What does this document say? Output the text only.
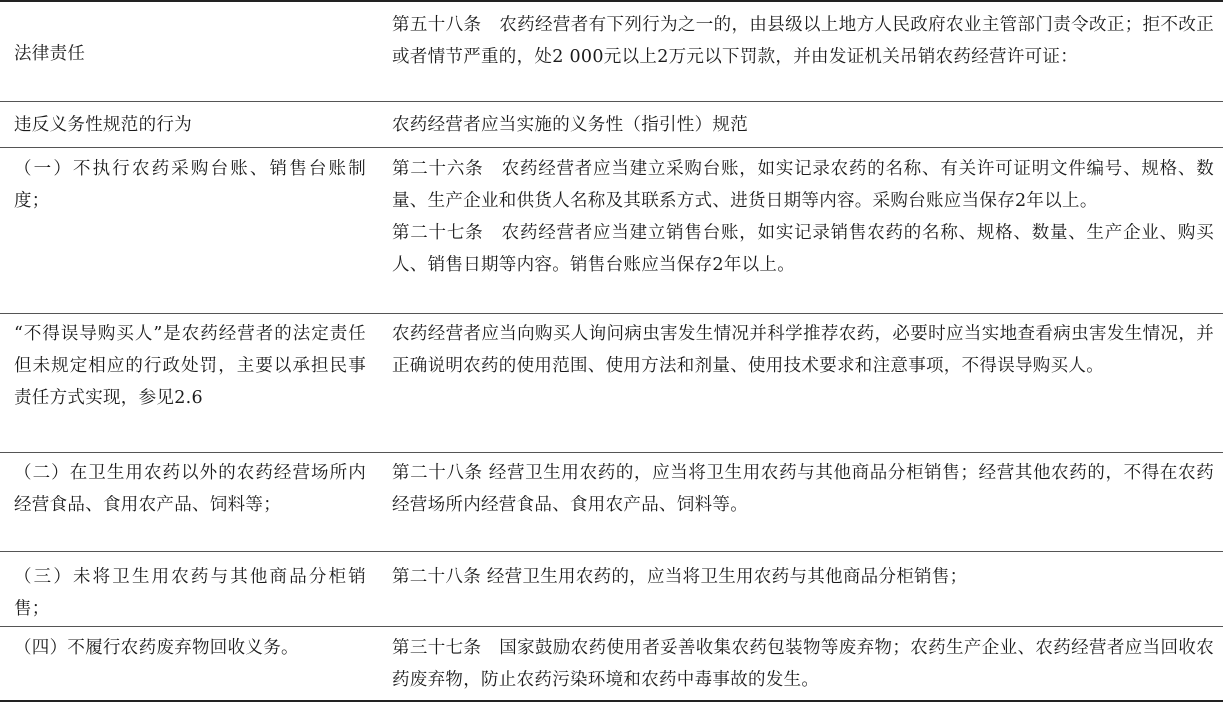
法律责任
第五十八条　农药经营者有下列行为之一的，由县级以上地方人民政府农业主管部门责令改正；拒不改正或者情节严重的，处2 000元以上2万元以下罚款，并由发证机关吊销农药经营许可证：
违反义务性规范的行为	农药经营者应当实施的义务性（指引性）规范
（一）不执行农药采购台账、销售台账制度；
第二十六条　农药经营者应当建立采购台账，如实记录农药的名称、有关许可证明文件编号、规格、数量、生产企业和供货人名称及其联系方式、进货日期等内容。采购台账应当保存2年以上。
第二十七条　农药经营者应当建立销售台账，如实记录销售农药的名称、规格、数量、生产企业、购买人、销售日期等内容。销售台账应当保存2年以上。
“不得误导购买人”是农药经营者的法定责任但未规定相应的行政处罚，主要以承担民事责任方式实现，参见2.6
农药经营者应当向购买人询问病虫害发生情况并科学推荐农药，必要时应当实地查看病虫害发生情况，并正确说明农药的使用范围、使用方法和剂量、使用技术要求和注意事项，不得误导购买人。
（二）在卫生用农药以外的农药经营场所内经营食品、食用农产品、饲料等；
第二十八条 经营卫生用农药的，应当将卫生用农药与其他商品分柜销售；经营其他农药的，不得在农药经营场所内经营食品、食用农产品、饲料等。
（三）未将卫生用农药与其他商品分柜销售；
第二十八条 经营卫生用农药的，应当将卫生用农药与其他商品分柜销售；
（四）不履行农药废弃物回收义务。	第三十七条　国家鼓励农药使用者妥善收集农药包装物等废弃物；农药生产企业、农药经营者应当回收农药废弃物，防止农药污染环境和农药中毒事故的发生。
